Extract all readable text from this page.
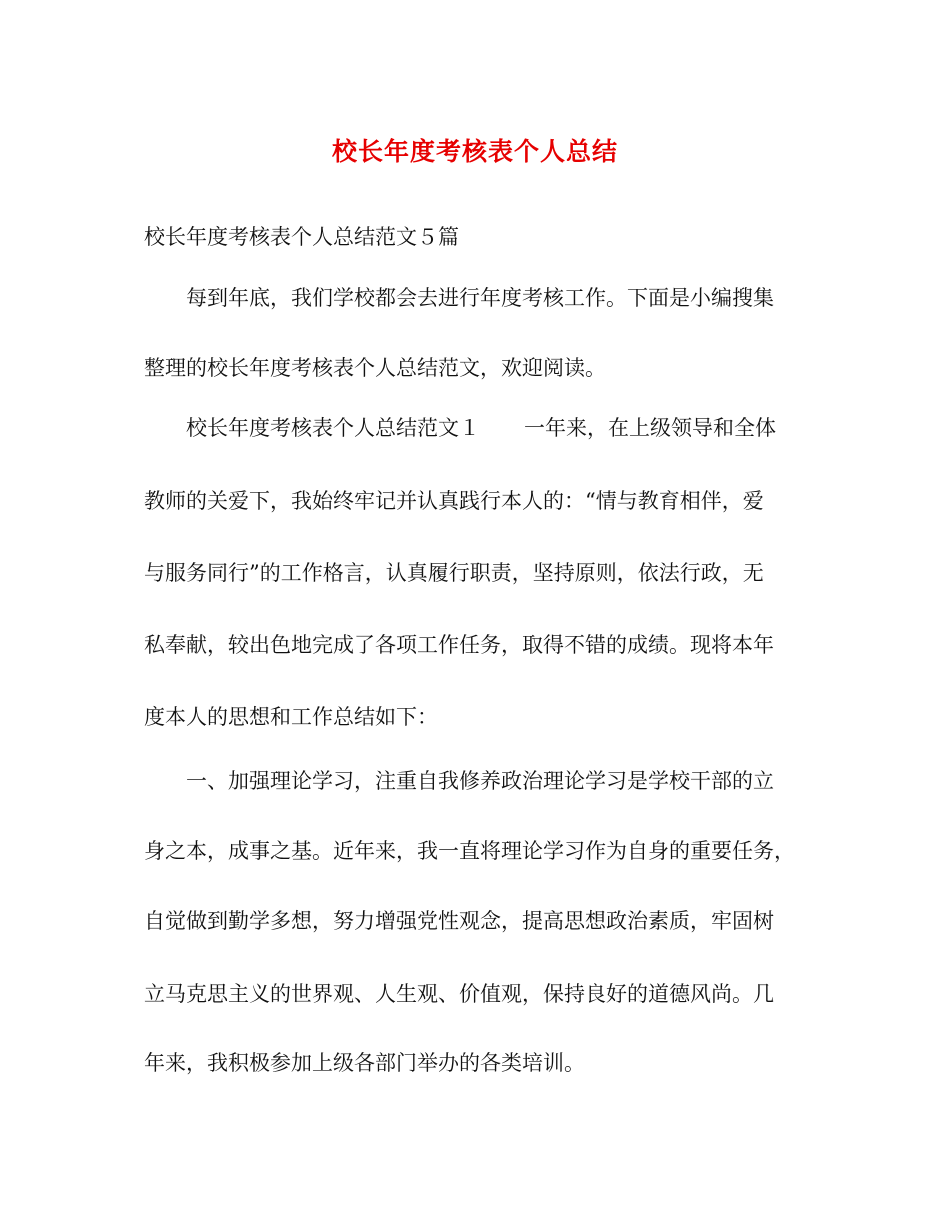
校长年度考核表个人总结

校长年度考核表个人总结范文５篇

每到年底，我们学校都会去进行年度考核工作。下面是小编搜集

整理的校长年度考核表个人总结范文，欢迎阅读。

校长年度考核表个人总结范文１ 一年来，在上级领导和全体

教师的关爱下，我始终牢记并认真践行本人的：“情与教育相伴，爱

与服务同行”的工作格言，认真履行职责，坚持原则，依法行政，无

私奉献，较出色地完成了各项工作任务，取得不错的成绩。现将本年

度本人的思想和工作总结如下：

一、加强理论学习，注重自我修养政治理论学习是学校干部的立

身之本，成事之基。近年来，我一直将理论学习作为自身的重要任务，

自觉做到勤学多想，努力增强党性观念，提高思想政治素质，牢固树

立马克思主义的世界观、人生观、价值观，保持良好的道德风尚。几

年来，我积极参加上级各部门举办的各类培训。
